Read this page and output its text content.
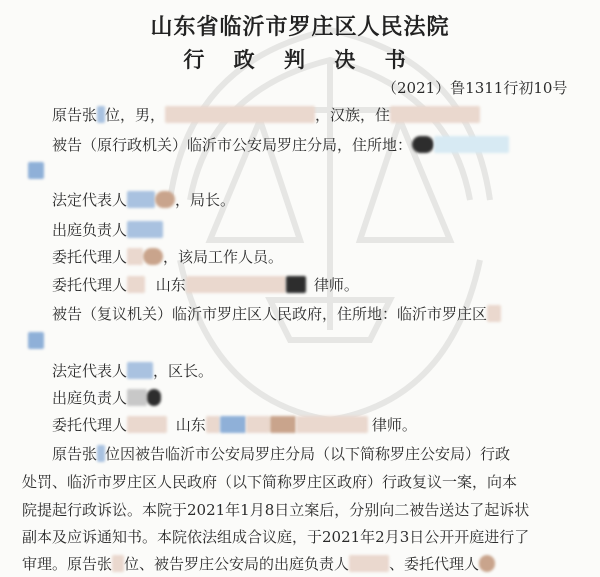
山东省临沂市罗庄区人民法院
行 政 判 决 书
（2021）鲁1311行初10号
原告张 位，男，	，汉族，住
被告（原行政机关）临沂市公安局罗庄分局，住所地：
法定代表人	，局长。
出庭负责人
委托代理人 ，该局工作人员。
委托代理人 山东	律师。
被告（复议机关）临沂市罗庄区人民政府，住所地：临沂市罗庄区
法定代表人 ，区长。
出庭负责人
委托代理人	山东	律师。
原告张 位因被告临沂市公安局罗庄分局（以下简称罗庄公安局）行政
处罚、临沂市罗庄区人民政府（以下简称罗庄区政府）行政复议一案，向本
院提起行政诉讼。本院于2021年1月8日立案后，分别向二被告送达了起诉状
副本及应诉通知书。本院依法组成合议庭，于2021年2月3日公开开庭进行了
审理。原告张 位、被告罗庄公安局的出庭负责人	、委托代理人
